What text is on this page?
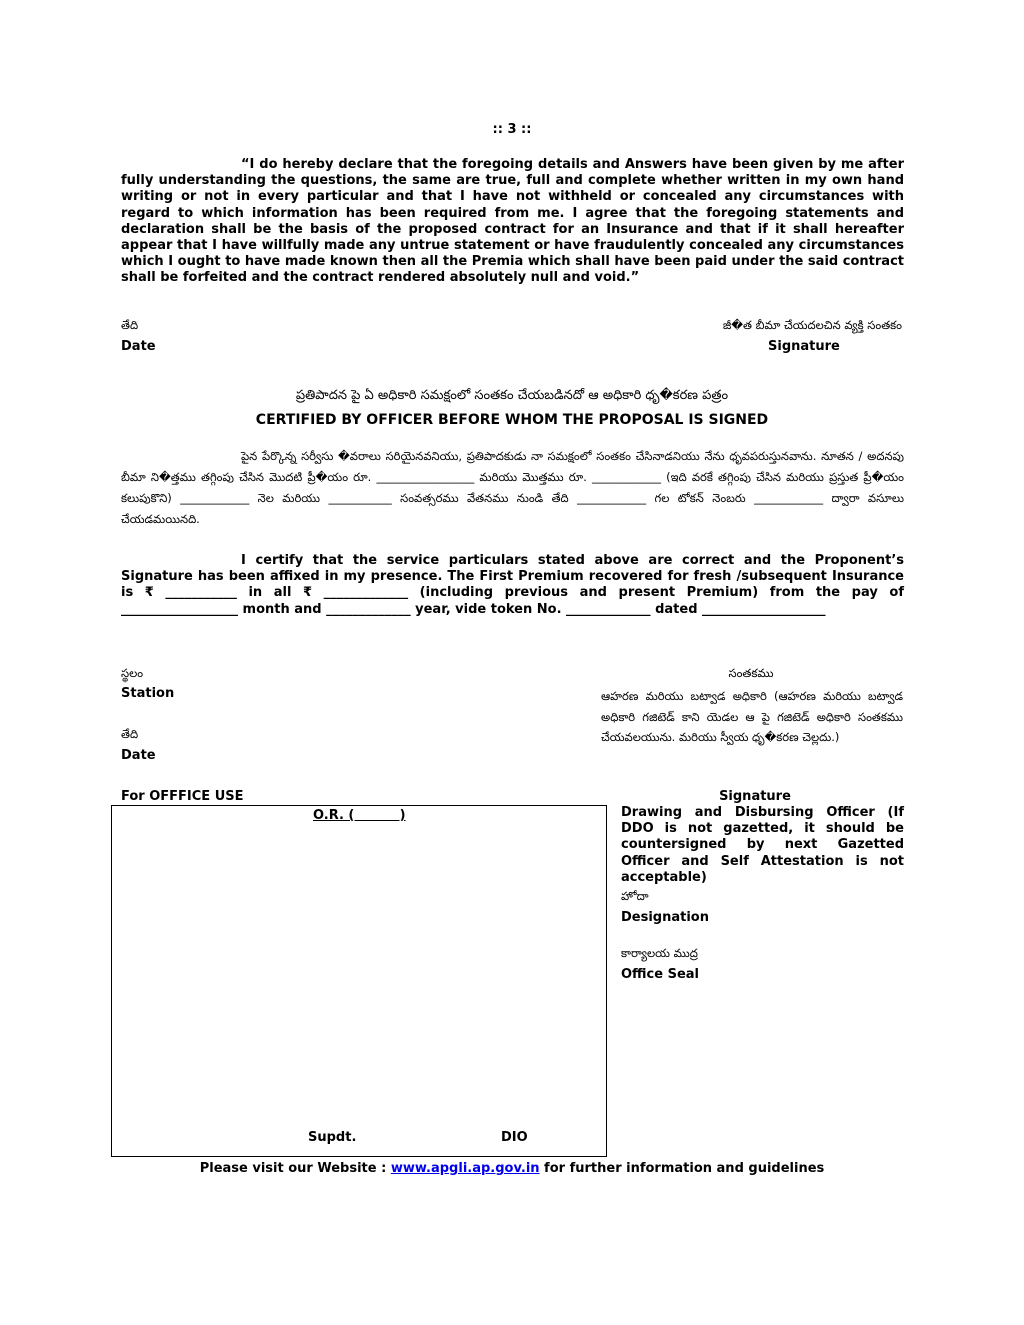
:: 3 ::
“I do hereby declare that the foregoing details and Answers have been given by me after fully understanding the questions, the same are true, full and complete whether written in my own hand writing or not in every particular and that I have not withheld or concealed any circumstances with regard to which information has been required from me. I agree that the foregoing statements and declaration shall be the basis of the proposed contract for an Insurance and that if it shall hereafter appear that I have willfully made any untrue statement or have fraudulently concealed any circumstances which I ought to have made known then all the Premia which shall have been paid under the said contract shall be forfeited and the contract rendered absolutely null and void.”
తేది
Date
జీ�త బీమా చేయదలచిన వ్యక్తి సంతకం
Signature
ప్రతిపాదన పై ఏ అధికారి సమక్షంలో సంతకం చేయబడినదో ఆ అధికారి ధృ�కరణ పత్రం
CERTIFIED BY OFFICER BEFORE WHOM THE PROPOSAL IS SIGNED
పైన పేర్కొన్న సర్వీసు �వరాలు సరియైనవనియు, ప్రతిపాదకుడు నా సమక్షంలో సంతకం చేసినాడనియు నేను ధృవపరుస్తునవాను. నూతన / అదనపు బీమా ని�త్తము తగ్గింపు చేసిన మొదటి ప్రీ�యం రూ. _________________ మరియు మొత్తము రూ. ____________ (ఇది వరకే తగ్గింపు చేసిన మరియు ప్రస్తుత ప్రీ�యం కలుపుకొని) ____________ నెల మరియు ___________ సంవత్సరము వేతనము నుండి తేది ____________ గల టోకన్ నెంబరు ____________ ద్వారా వసూలు చేయడమయినది.
I certify that the service particulars stated above are correct and the Proponent’s Signature has been affixed in my presence. The First Premium recovered for fresh /subsequent Insurance is ₹ ___________ in all ₹ _____________ (including previous and present Premium) from the pay of __________________ month and _____________ year, vide token No. _____________ dated ___________________
స్థలం
Station
తేది
Date
సంతకము
ఆహరణ మరియు బట్వాడ అధికారి (ఆహరణ మరియు బట్వాడ అధికారి గజిటెడ్ కాని యెడల ఆ పై గజిటెడ్ అధికారి సంతకము చేయవలయును. మరియు స్వీయ ధృ�కరణ చెల్లదు.)
For OFFFICE USE
O.R. (          )
Supdt.	DIO
Signature
Drawing and Disbursing Officer (If DDO is not gazetted, it should be countersigned by next Gazetted Officer and Self Attestation is not acceptable)
హోదా
Designation
కార్యాలయ ముద్ర
Office Seal
Please visit our Website : www.apgli.ap.gov.in for further information and guidelines
